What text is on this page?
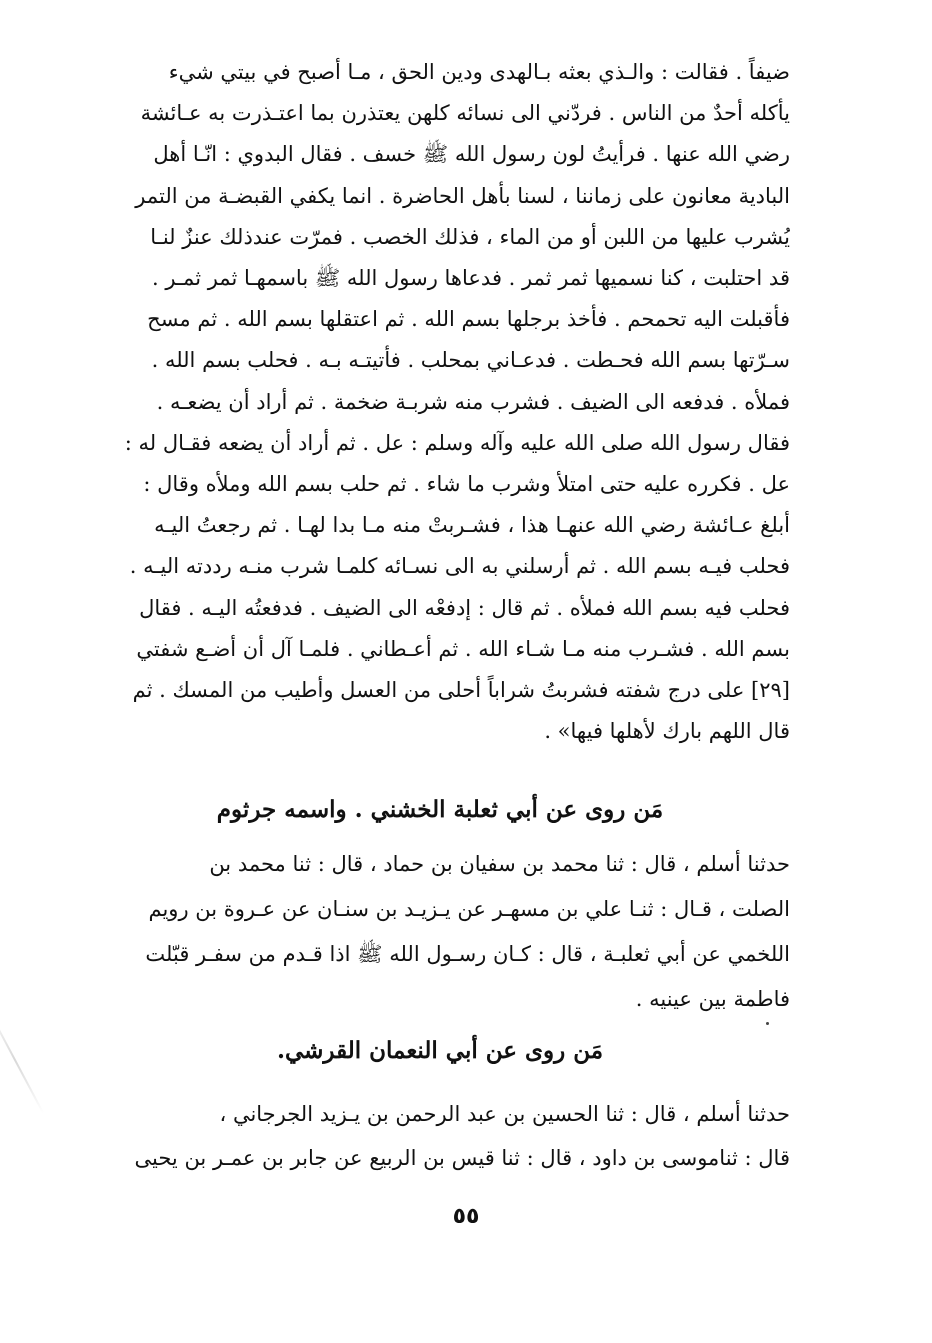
ضيفاً . فقالت : والـذي بعثه بـالهدى ودين الحق ، مـا أصبح في بيتي شيء
يأكله أحدٌ من الناس . فردّني الى نسائه كلهن يعتذرن بما اعتـذرت به عـائشة
رضي الله عنها . فرأيتُ لون رسول الله ﷺ خسف . فقال البدوي : انّـا أهل
البادية معانون على زماننا ، لسنا بأهل الحاضرة . انما يكفي القبضـة من التمر
يُشرب عليها من اللبن أو من الماء ، فذلك الخصب . فمرّت عندذلك عنزٌ لنـا
قد احتلبت ، كنا نسميها ثمر ثمر . فدعاها رسول الله ﷺ باسمهـا ثمر ثمـر .
فأقبلت اليه تحمحم . فأخذ برجلها بسم الله . ثم اعتقلها بسم الله . ثم مسح
سـرّتها بسم الله فحـطت . فدعـاني بمحلب . فأتيتـه بـه . فحلب بسم الله .
فملأه . فدفعه الى الضيف . فشرب منه شربـة ضخمة . ثم أراد أن يضعـه .
فقال رسول الله صلى الله عليه وآله وسلم : عل . ثم أراد أن يضعه فقـال له :
عل . فكرره عليه حتى امتلأ وشرب ما شاء . ثم حلب بسم الله وملأه وقال :
أبلغ عـائشة رضي الله عنهـا هذا ، فشـربتْ منه مـا بدا لهـا . ثم رجعتُ اليـه
فحلب فيـه بسم الله . ثم أرسلني به الى نسـائه كلمـا شرب منـه رددته اليـه .
فحلب فيه بسم الله فملأه . ثم قال : إدفعْه الى الضيف . فدفعتُه اليـه . فقال
بسم الله . فشـرب منه مـا شـاء الله . ثم أعـطاني . فلمـا آل أن أضـع شفتي
[٢٩] على درج شفته فشربتُ شراباً أحلى من العسل وأطيب من المسك . ثم
قال اللهم بارك لأهلها فيها» .
مَن روى عن أبي ثعلبة الخشني . واسمه جرثوم
حدثنا أسلم ، قال : ثنا محمد بن سفيان بن حماد ، قال : ثنا محمد بن
الصلت ، قـال : ثنـا علي بن مسهـر عن يـزيـد بن سنـان عن عـروة بن رويم
اللخمي عن أبي ثعلبـة ، قال : كـان رسـول الله ﷺ اذا قـدم من سفـر قبّلت
فاطمة بين عينيه .
مَن روى عن أبي النعمان القرشي.
حدثنا أسلم ، قال : ثنا الحسين بن عبد الرحمن بن يـزيد الجرجاني ،
قال : ثناموسى بن داود ، قال : ثنا قيس بن الربيع عن جابر بن عمـر بن يحيى
٥٥
